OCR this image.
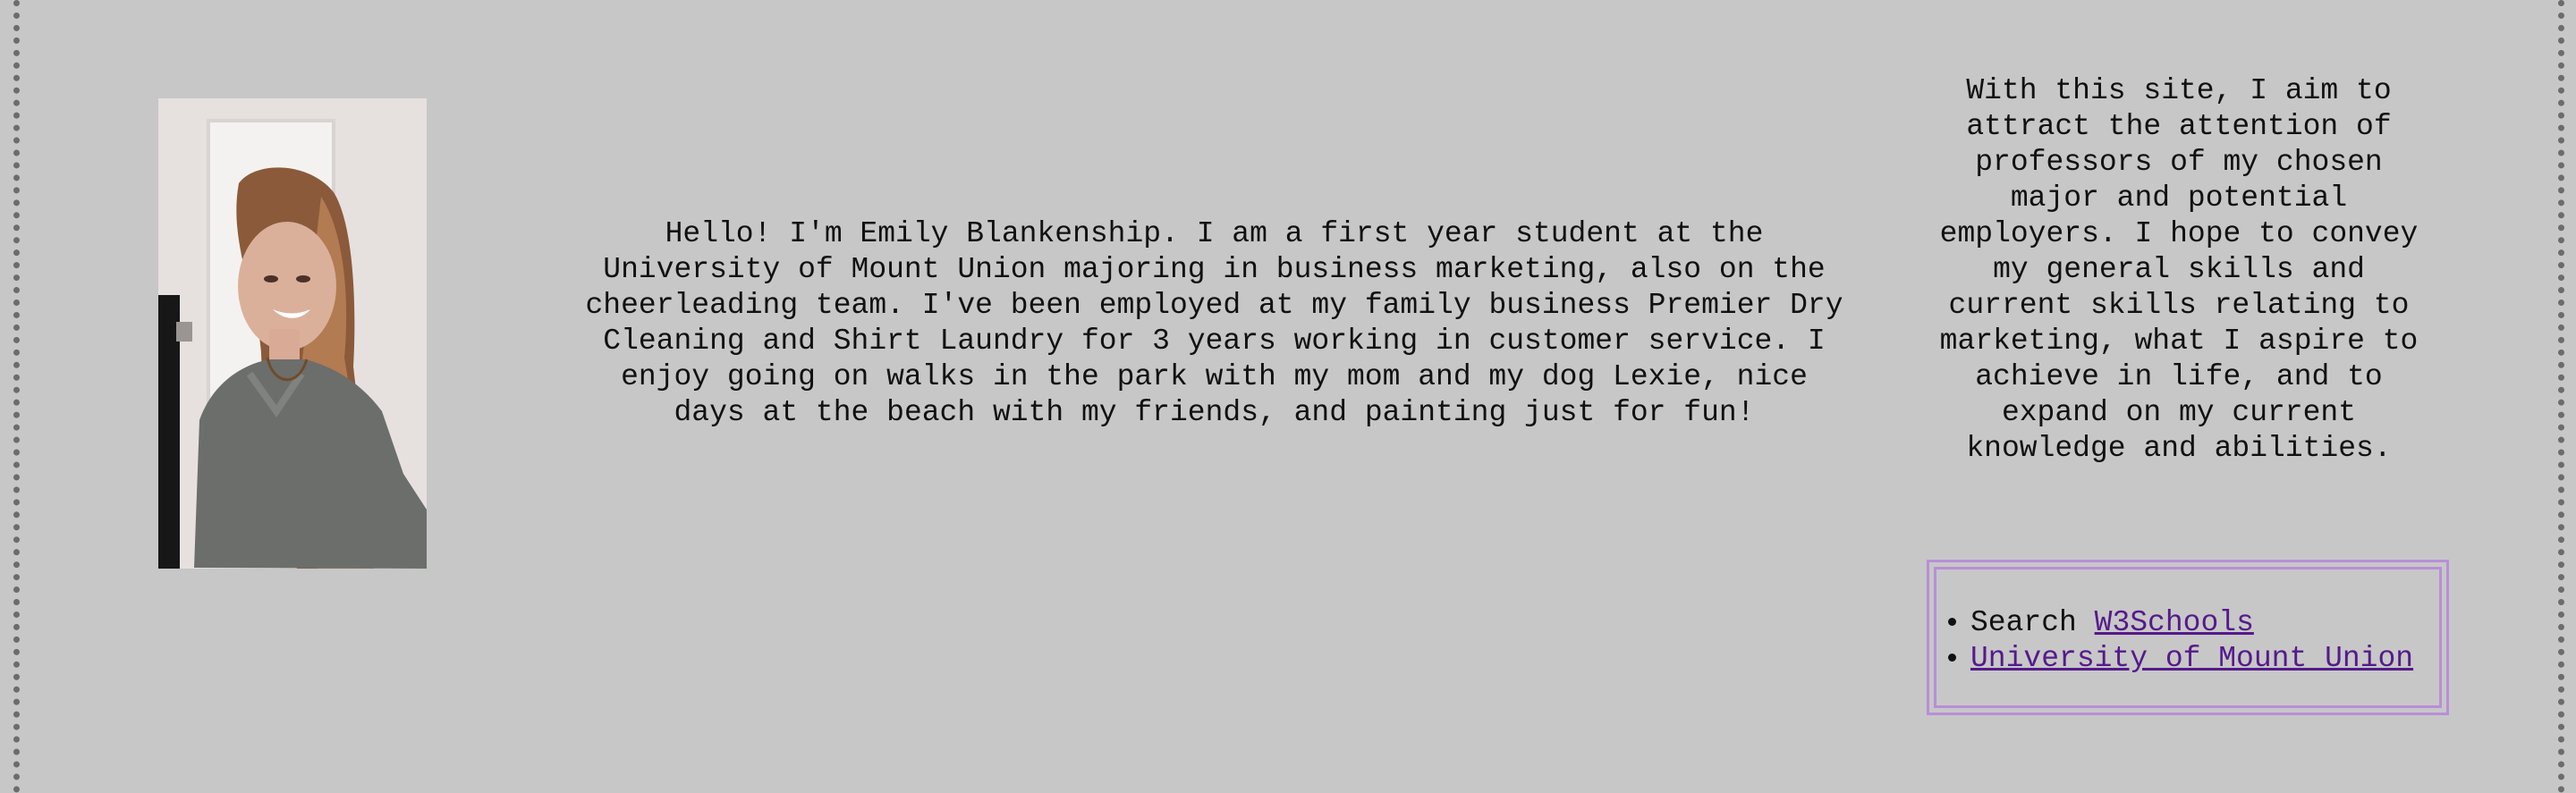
Hello! I'm Emily Blankenship. I am a first year student at the University of Mount Union majoring in business marketing, also on the cheerleading team. I've been employed at my family business Premier Dry Cleaning and Shirt Laundry for 3 years working in customer service. I enjoy going on walks in the park with my mom and my dog Lexie, nice days at the beach with my friends, and painting just for fun!
With this site, I aim to attract the attention of professors of my chosen major and potential employers. I hope to convey my general skills and current skills relating to marketing, what I aspire to achieve in life, and to expand on my current knowledge and abilities.
• Search W3Schools
• University of Mount Union
